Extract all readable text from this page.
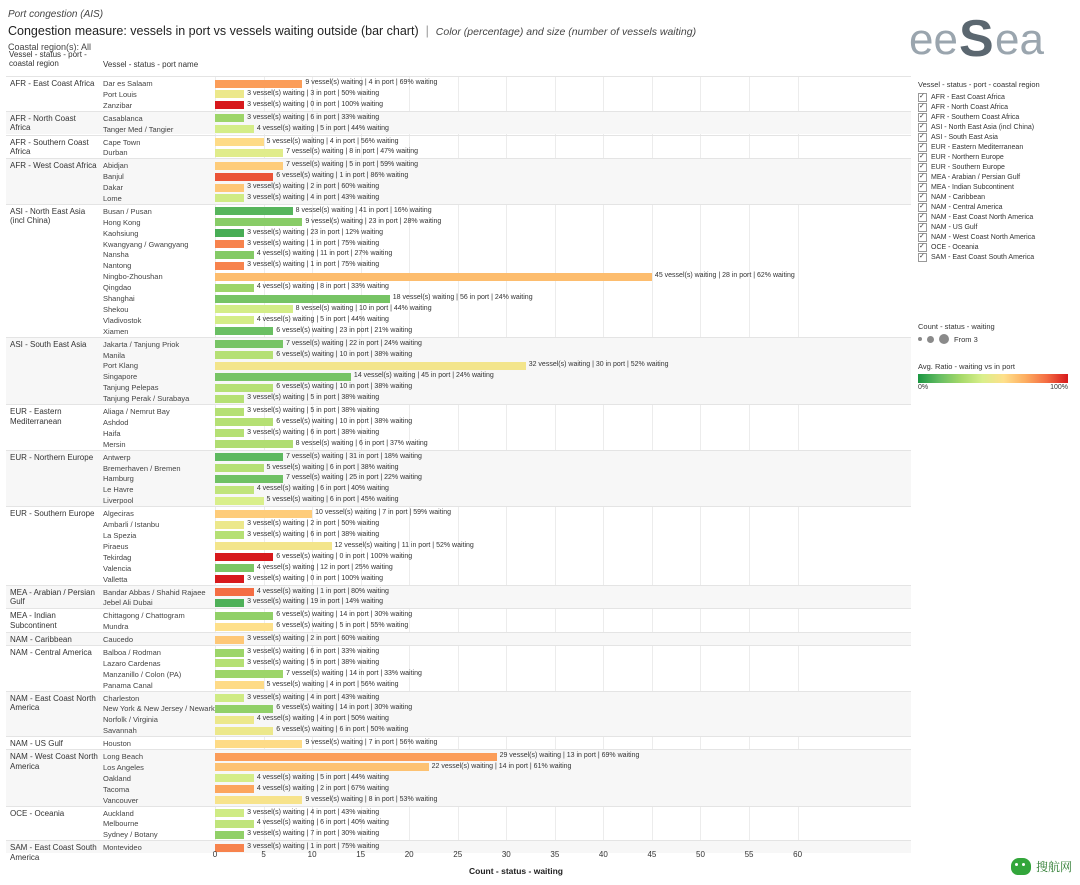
Port congestion (AIS)
Congestion measure: vessels in port vs vessels waiting outside (bar chart)  |  Color (percentage) and size (number of vessels waiting)
Coastal region(s): All	ee S ea
Vessel - status - port - coastal region	Vessel - status - port name
AFR - East Coast Africa	Dar es Salaam	9 vessel(s) waiting | 4 in port | 69% waiting
Port Louis	3 vessel(s) waiting | 3 in port | 50% waiting
Zanzibar	3 vessel(s) waiting | 0 in port | 100% waiting
AFR - North Coast Africa
Casablanca	3 vessel(s) waiting | 6 in port | 33% waiting
Tanger Med / Tangier	4 vessel(s) waiting | 5 in port | 44% waiting
AFR - Southern Coast Africa
Cape Town	5 vessel(s) waiting | 4 in port | 56% waiting
Durban	7 vessel(s) waiting | 8 in port | 47% waiting
AFR - West Coast Africa Abidjan	7 vessel(s) waiting | 5 in port | 59% waiting
Banjul	6 vessel(s) waiting | 1 in port | 86% waiting
Dakar	3 vessel(s) waiting | 2 in port | 60% waiting
Lome	3 vessel(s) waiting | 4 in port | 43% waiting
ASI - North East Asia (incl China)
Busan / Pusan	8 vessel(s) waiting | 41 in port | 16% waiting
Hong Kong	9 vessel(s) waiting | 23 in port | 28% waiting
Kaohsiung	3 vessel(s) waiting | 23 in port | 12% waiting
Kwangyang / Gwangyang	3 vessel(s) waiting | 1 in port | 75% waiting
Nansha	4 vessel(s) waiting | 11 in port | 27% waiting
Nantong	3 vessel(s) waiting | 1 in port | 75% waiting
Ningbo-Zhoushan	45 vessel(s) waiting | 28 in port | 62% waiting
Qingdao	4 vessel(s) waiting | 8 in port | 33% waiting
Shanghai	18 vessel(s) waiting | 56 in port | 24% waiting
Shekou	8 vessel(s) waiting | 10 in port | 44% waiting
Vladivostok	4 vessel(s) waiting | 5 in port | 44% waiting
Xiamen	6 vessel(s) waiting | 23 in port | 21% waiting
ASI - South East Asia	Jakarta / Tanjung Priok	7 vessel(s) waiting | 22 in port | 24% waiting
Manila	6 vessel(s) waiting | 10 in port | 38% waiting
Port Klang	32 vessel(s) waiting | 30 in port | 52% waiting
Singapore	14 vessel(s) waiting | 45 in port | 24% waiting
Tanjung Pelepas	6 vessel(s) waiting | 10 in port | 38% waiting
Tanjung Perak / Surabaya	3 vessel(s) waiting | 5 in port | 38% waiting
EUR - Eastern Mediterranean
Aliaga / Nemrut Bay	3 vessel(s) waiting | 5 in port | 38% waiting
Ashdod	6 vessel(s) waiting | 10 in port | 38% waiting
Haifa	3 vessel(s) waiting | 6 in port | 38% waiting
Mersin	8 vessel(s) waiting | 6 in port | 37% waiting
EUR - Northern Europe	Antwerp	7 vessel(s) waiting | 31 in port | 18% waiting
Bremerhaven / Bremen	5 vessel(s) waiting | 6 in port | 38% waiting
Hamburg	7 vessel(s) waiting | 25 in port | 22% waiting
Le Havre	4 vessel(s) waiting | 6 in port | 40% waiting
Liverpool	5 vessel(s) waiting | 6 in port | 45% waiting
EUR - Southern Europe	Algeciras	10 vessel(s) waiting | 7 in port | 59% waiting
Ambarli / Istanbu	3 vessel(s) waiting | 2 in port | 50% waiting
La Spezia	3 vessel(s) waiting | 6 in port | 38% waiting
Piraeus	12 vessel(s) waiting | 11 in port | 52% waiting
Tekirdag	6 vessel(s) waiting | 0 in port | 100% waiting
Valencia	4 vessel(s) waiting | 12 in port | 25% waiting
Valletta	3 vessel(s) waiting | 0 in port | 100% waiting
MEA - Arabian / Persian Gulf
Bandar Abbas / Shahid Rajaee	4 vessel(s) waiting | 1 in port | 80% waiting
Jebel Ali Dubai	3 vessel(s) waiting | 19 in port | 14% waiting
MEA - Indian Subcontinent
Chittagong / Chattogram	6 vessel(s) waiting | 14 in port | 30% waiting
Mundra	6 vessel(s) waiting | 5 in port | 55% waiting
NAM - Caribbean	Caucedo	3 vessel(s) waiting | 2 in port | 60% waiting
NAM - Central America	Balboa / Rodman	3 vessel(s) waiting | 6 in port | 33% waiting
Lazaro Cardenas	3 vessel(s) waiting | 5 in port | 38% waiting
Manzanillo / Colon (PA)	7 vessel(s) waiting | 14 in port | 33% waiting
Panama Canal	5 vessel(s) waiting | 4 in port | 56% waiting
NAM - East Coast North America
Charleston	3 vessel(s) waiting | 4 in port | 43% waiting
New York & New Jersey / Newark	6 vessel(s) waiting | 14 in port | 30% waiting
Norfolk / Virginia	4 vessel(s) waiting | 4 in port | 50% waiting
Savannah	6 vessel(s) waiting | 6 in port | 50% waiting
NAM - US Gulf	Houston	9 vessel(s) waiting | 7 in port | 56% waiting
NAM - West Coast North America
Long Beach	29 vessel(s) waiting | 13 in port | 69% waiting
Los Angeles	22 vessel(s) waiting | 14 in port | 61% waiting
Oakland	4 vessel(s) waiting | 5 in port | 44% waiting
Tacoma	4 vessel(s) waiting | 2 in port | 67% waiting
Vancouver	9 vessel(s) waiting | 8 in port | 53% waiting
OCE - Oceania	Auckland	3 vessel(s) waiting | 4 in port | 43% waiting
Melbourne	4 vessel(s) waiting | 6 in port | 40% waiting
Sydney / Botany	3 vessel(s) waiting | 7 in port | 30% waiting
SAM - East Coast South America
Montevideo	3 vessel(s) waiting | 1 in port | 75% waiting
Count - status - waiting
0	5	10	15	20	25	30	35	40	45	50	55	60
Vessel - status - port - coastal region
✓
AFR - East Coast Africa
✓
AFR - North Coast Africa
✓
AFR - Southern Coast Africa
✓
ASI - North East Asia (incl China)
✓
ASI - South East Asia
✓
EUR - Eastern Mediterranean
✓
EUR - Northern Europe
✓
EUR - Southern Europe
✓
MEA - Arabian / Persian Gulf
✓
MEA - Indian Subcontinent
✓
NAM - Caribbean
✓
NAM - Central America
✓
NAM - East Coast North America
✓
NAM - US Gulf
✓
NAM - West Coast North America
✓
OCE - Oceania
✓
SAM - East Coast South America
Count - status - waiting
From 3
Avg. Ratio - waiting vs in port
0%	100%
搜航网
